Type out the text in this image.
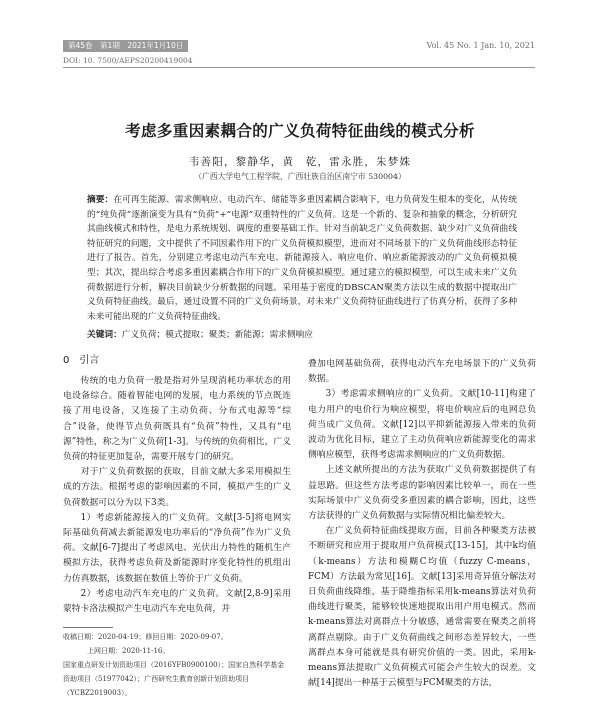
第45卷　第1期　2021年1月10日	Vol. 45 No. 1 Jan. 10, 2021
DOI: 10. 7500/AEPS20200419004
考虑多重因素耦合的广义负荷特征曲线的模式分析
韦善阳，黎静华，黄　乾，雷永胜，朱梦姝
（广西大学电气工程学院，广西壮族自治区南宁市 530004）
摘要：在可再生能源、需求侧响应、电动汽车、储能等多重因素耦合影响下，电力负荷发生根本的变化，从传统的“纯负荷”逐渐演变为具有“负荷”+“电源”双重特性的广义负荷。这是一个新的、复杂和抽象的概念，分析研究其曲线模式和特性，是电力系统规划、调度的重要基础工作。针对当前缺乏广义负荷数据、缺少对广义负荷曲线特征研究的问题，文中提供了不同因素作用下的广义负荷模拟模型，进而对不同场景下的广义负荷曲线形态特征进行了报告。首先，分别建立考虑电动汽车充电、新能源接入、响应电价、响应新能源波动的广义负荷模拟模型；其次，提出综合考虑多重因素耦合作用下的广义负荷模拟模型。通过建立的模拟模型，可以生成未来广义负荷数据进行分析，解决目前缺少分析数据的问题。采用基于密度的DBSCAN聚类方法以生成的数据中提取出广义负荷特征曲线。最后，通过设置不同的广义负荷场景，对未来广义负荷特征曲线进行了仿真分析，获得了多种未来可能出现的广义负荷特征曲线。
关键词：广义负荷；模式提取；聚类；新能源；需求侧响应
0 引言

传统的电力负荷一般是指对外呈现消耗功率状态的用电设备综合。随着智能电网的发展，电力系统的节点既连接了用电设备，又连接了主动负荷、分布式电源等“综合”设备，使得节点负荷既具有“负荷”特性，又具有“电源”特性，称之为广义负荷[1-3]。与传统的负荷相比，广义负荷的特征更加复杂，需要开展专门的研究。

对于广义负荷数据的获取，目前文献大多采用模拟生成的方法。根据考虑的影响因素的不同，模拟产生的广义负荷数据可以分为以下3类。

1）考虑新能源接入的广义负荷。文献[3-5]将电网实际基础负荷减去新能源发电功率后的“净负荷”作为广义负荷。文献[6-7]提出了考虑风电、光伏出力特性的随机生产模拟方法，获得考虑负荷及新能源时序变化特性的机组出力仿真数据，该数据在数值上等价于广义负荷。

2）考虑电动汽车充电的广义负荷。文献[2,8-9]采用蒙特卡洛法模拟产生电动汽车充电负荷，并

叠加电网基础负荷，获得电动汽车充电场景下的广义负荷数据。

3）考虑需求侧响应的广义负荷。文献[10-11]构建了电力用户的电价行为响应模型，将电价响应后的电网总负荷当成广义负荷。文献[12]以平抑新能源接入带来的负荷波动为优化目标，建立了主动负荷响应新能源变化的需求侧响应模型，获得考虑需求侧响应的广义负荷数据。

上述文献所提出的方法为获取广义负荷数据提供了有益思路。但这些方法考虑的影响因素比较单一，而在一些实际场景中广义负荷受多重因素的耦合影响，因此，这些方法获得的广义负荷数据与实际情况相比偏差较大。

在广义负荷特征曲线提取方面，目前各种聚类方法被不断研究和应用于提取用户负荷模式[13-15]，其中k均值（k-means）方法和模糊C均值（fuzzy C-means，FCM）方法最为常见[16]。文献[13]采用奇异值分解法对日负荷曲线降维，基于降维指标采用k-means算法对负荷曲线进行聚类，能够较快速地提取出用户用电模式。然而k-means算法对离群点十分敏感，通常需要在聚类之前将离群点剔除。由于广义负荷曲线之间形态差异较大，一些离群点本身可能就是具有研究价值的一类。因此，采用k-means算法提取广义负荷模式可能会产生较大的误差。文献[14]提出一种基于云模型与FCM聚类的方法，

收稿日期：2020-04-19；修回日期：2020-09-07。

上网日期：2020-11-16。

国家重点研发计划资助项目（2016YFB0900100）；国家自然科学基金资助项目（51977042）；广西研究生教育创新计划资助项目（YCBZ2019003）。
